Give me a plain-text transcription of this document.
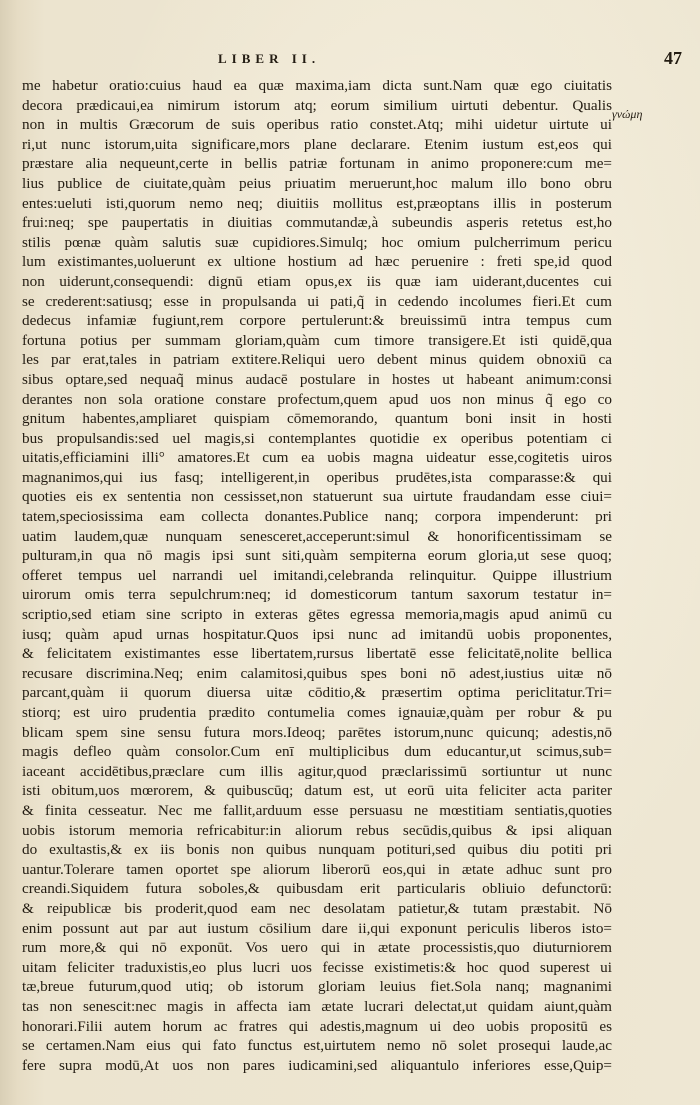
LIBER II.	47
γνώμη
me habetur oratio:cuius haud ea quæ maxima,iam dicta sunt.Nam quæ ego ciuitatis
decora prædicaui,ea nimirum istorum atq; eorum similium uirtuti debentur. Qualis
non in multis Græcorum de suis operibus ratio constet.Atq; mihi uidetur uirtute ui
ri,ut nunc istorum,uita significare,mors plane declarare. Etenim iustum est,eos qui
præstare alia nequeunt,certe in bellis patriæ fortunam in animo proponere:cum me=
lius publice de ciuitate,quàm peius priuatim meruerunt,hoc malum illo bono obru
entes:ueluti isti,quorum nemo neq; diuitiis mollitus est,præoptans illis in posterum
frui:neq; spe paupertatis in diuitias commutandæ,à subeundis asperis retetus est,ho
stilis pœnæ quàm salutis suæ cupidiores.Simulq; hoc omium pulcherrimum pericu
lum existimantes,uoluerunt ex ultione hostium ad hæc peruenire : freti spe,id quod
non uiderunt,consequendi: dignū etiam opus,ex iis quæ iam uiderant,ducentes cui
se crederent:satiusq; esse in propulsanda ui pati,q̃ in cedendo incolumes fieri.Et cum
dedecus infamiæ fugiunt,rem corpore pertulerunt:& breuissimū intra tempus cum
fortuna potius per summam gloriam,quàm cum timore transigere.Et isti quidē,qua
les par erat,tales in patriam extitere.Reliqui uero debent minus quidem obnoxiū ca
sibus optare,sed nequaq̃ minus audacē postulare in hostes ut habeant animum:consi
derantes non sola oratione constare profectum,quem apud uos non minus q̃ ego co
gnitum habentes,ampliaret quispiam cōmemorando, quantum boni insit in hosti
bus propulsandis:sed uel magis,si contemplantes quotidie ex operibus potentiam ci
uitatis,efficiamini illi° amatores.Et cum ea uobis magna uideatur esse,cogitetis uiros
magnanimos,qui ius fasq; intelligerent,in operibus prudētes,ista comparasse:& qui
quoties eis ex sententia non cessisset,non statuerunt sua uirtute fraudandam esse ciui=
tatem,speciosissima eam collecta donantes.Publice nanq; corpora impenderunt: pri
uatim laudem,quæ nunquam senesceret,acceperunt:simul & honorificentissimam se
pulturam,in qua nō magis ipsi sunt siti,quàm sempiterna eorum gloria,ut sese quoq;
offeret tempus uel narrandi uel imitandi,celebranda relinquitur. Quippe illustrium
uirorum omis terra sepulchrum:neq; id domesticorum tantum saxorum testatur in=
scriptio,sed etiam sine scripto in exteras gētes egressa memoria,magis apud animū cu
iusq; quàm apud urnas hospitatur.Quos ipsi nunc ad imitandū uobis proponentes,
& felicitatem existimantes esse libertatem,rursus libertatē esse felicitatē,nolite bellica
recusare discrimina.Neq; enim calamitosi,quibus spes boni nō adest,iustius uitæ nō
parcant,quàm ii quorum diuersa uitæ cōditio,& præsertim optima periclitatur.Tri=
stiorq; est uiro prudentia prædito contumelia comes ignauiæ,quàm per robur & pu
blicam spem sine sensu futura mors.Ideoq; parētes istorum,nunc quicunq; adestis,nō
magis defleo quàm consolor.Cum enī multiplicibus dum educantur,ut scimus,sub=
iaceant accidētibus,præclare cum illis agitur,quod præclarissimū sortiuntur ut nunc
isti obitum,uos mœrorem, & quibuscūq; datum est, ut eorū uita feliciter acta pariter
& finita cesseatur. Nec me fallit,arduum esse persuasu ne mœstitiam sentiatis,quoties
uobis istorum memoria refricabitur:in aliorum rebus secūdis,quibus & ipsi aliquan
do exultastis,& ex iis bonis non quibus nunquam potituri,sed quibus diu potiti pri
uantur.Tolerare tamen oportet spe aliorum liberorū eos,qui in ætate adhuc sunt pro
creandi.Siquidem futura soboles,& quibusdam erit particularis obliuio defunctorū:
& reipublicæ bis proderit,quod eam nec desolatam patietur,& tutam præstabit. Nō
enim possunt aut par aut iustum cōsilium dare ii,qui exponunt periculis liberos isto=
rum more,& qui nō exponūt. Vos uero qui in ætate processistis,quo diuturniorem
uitam feliciter traduxistis,eo plus lucri uos fecisse existimetis:& hoc quod superest ui
tæ,breue futurum,quod utiq; ob istorum gloriam leuius fiet.Sola nanq; magnanimi
tas non senescit:nec magis in affecta iam ætate lucrari delectat,ut quidam aiunt,quàm
honorari.Filii autem horum ac fratres qui adestis,magnum ui deo uobis propositū es
se certamen.Nam eius qui fato functus est,uirtutem nemo nō solet prosequi laude,ac
fere supra modū,At uos non pares iudicamini,sed aliquantulo inferiores esse,Quip=
